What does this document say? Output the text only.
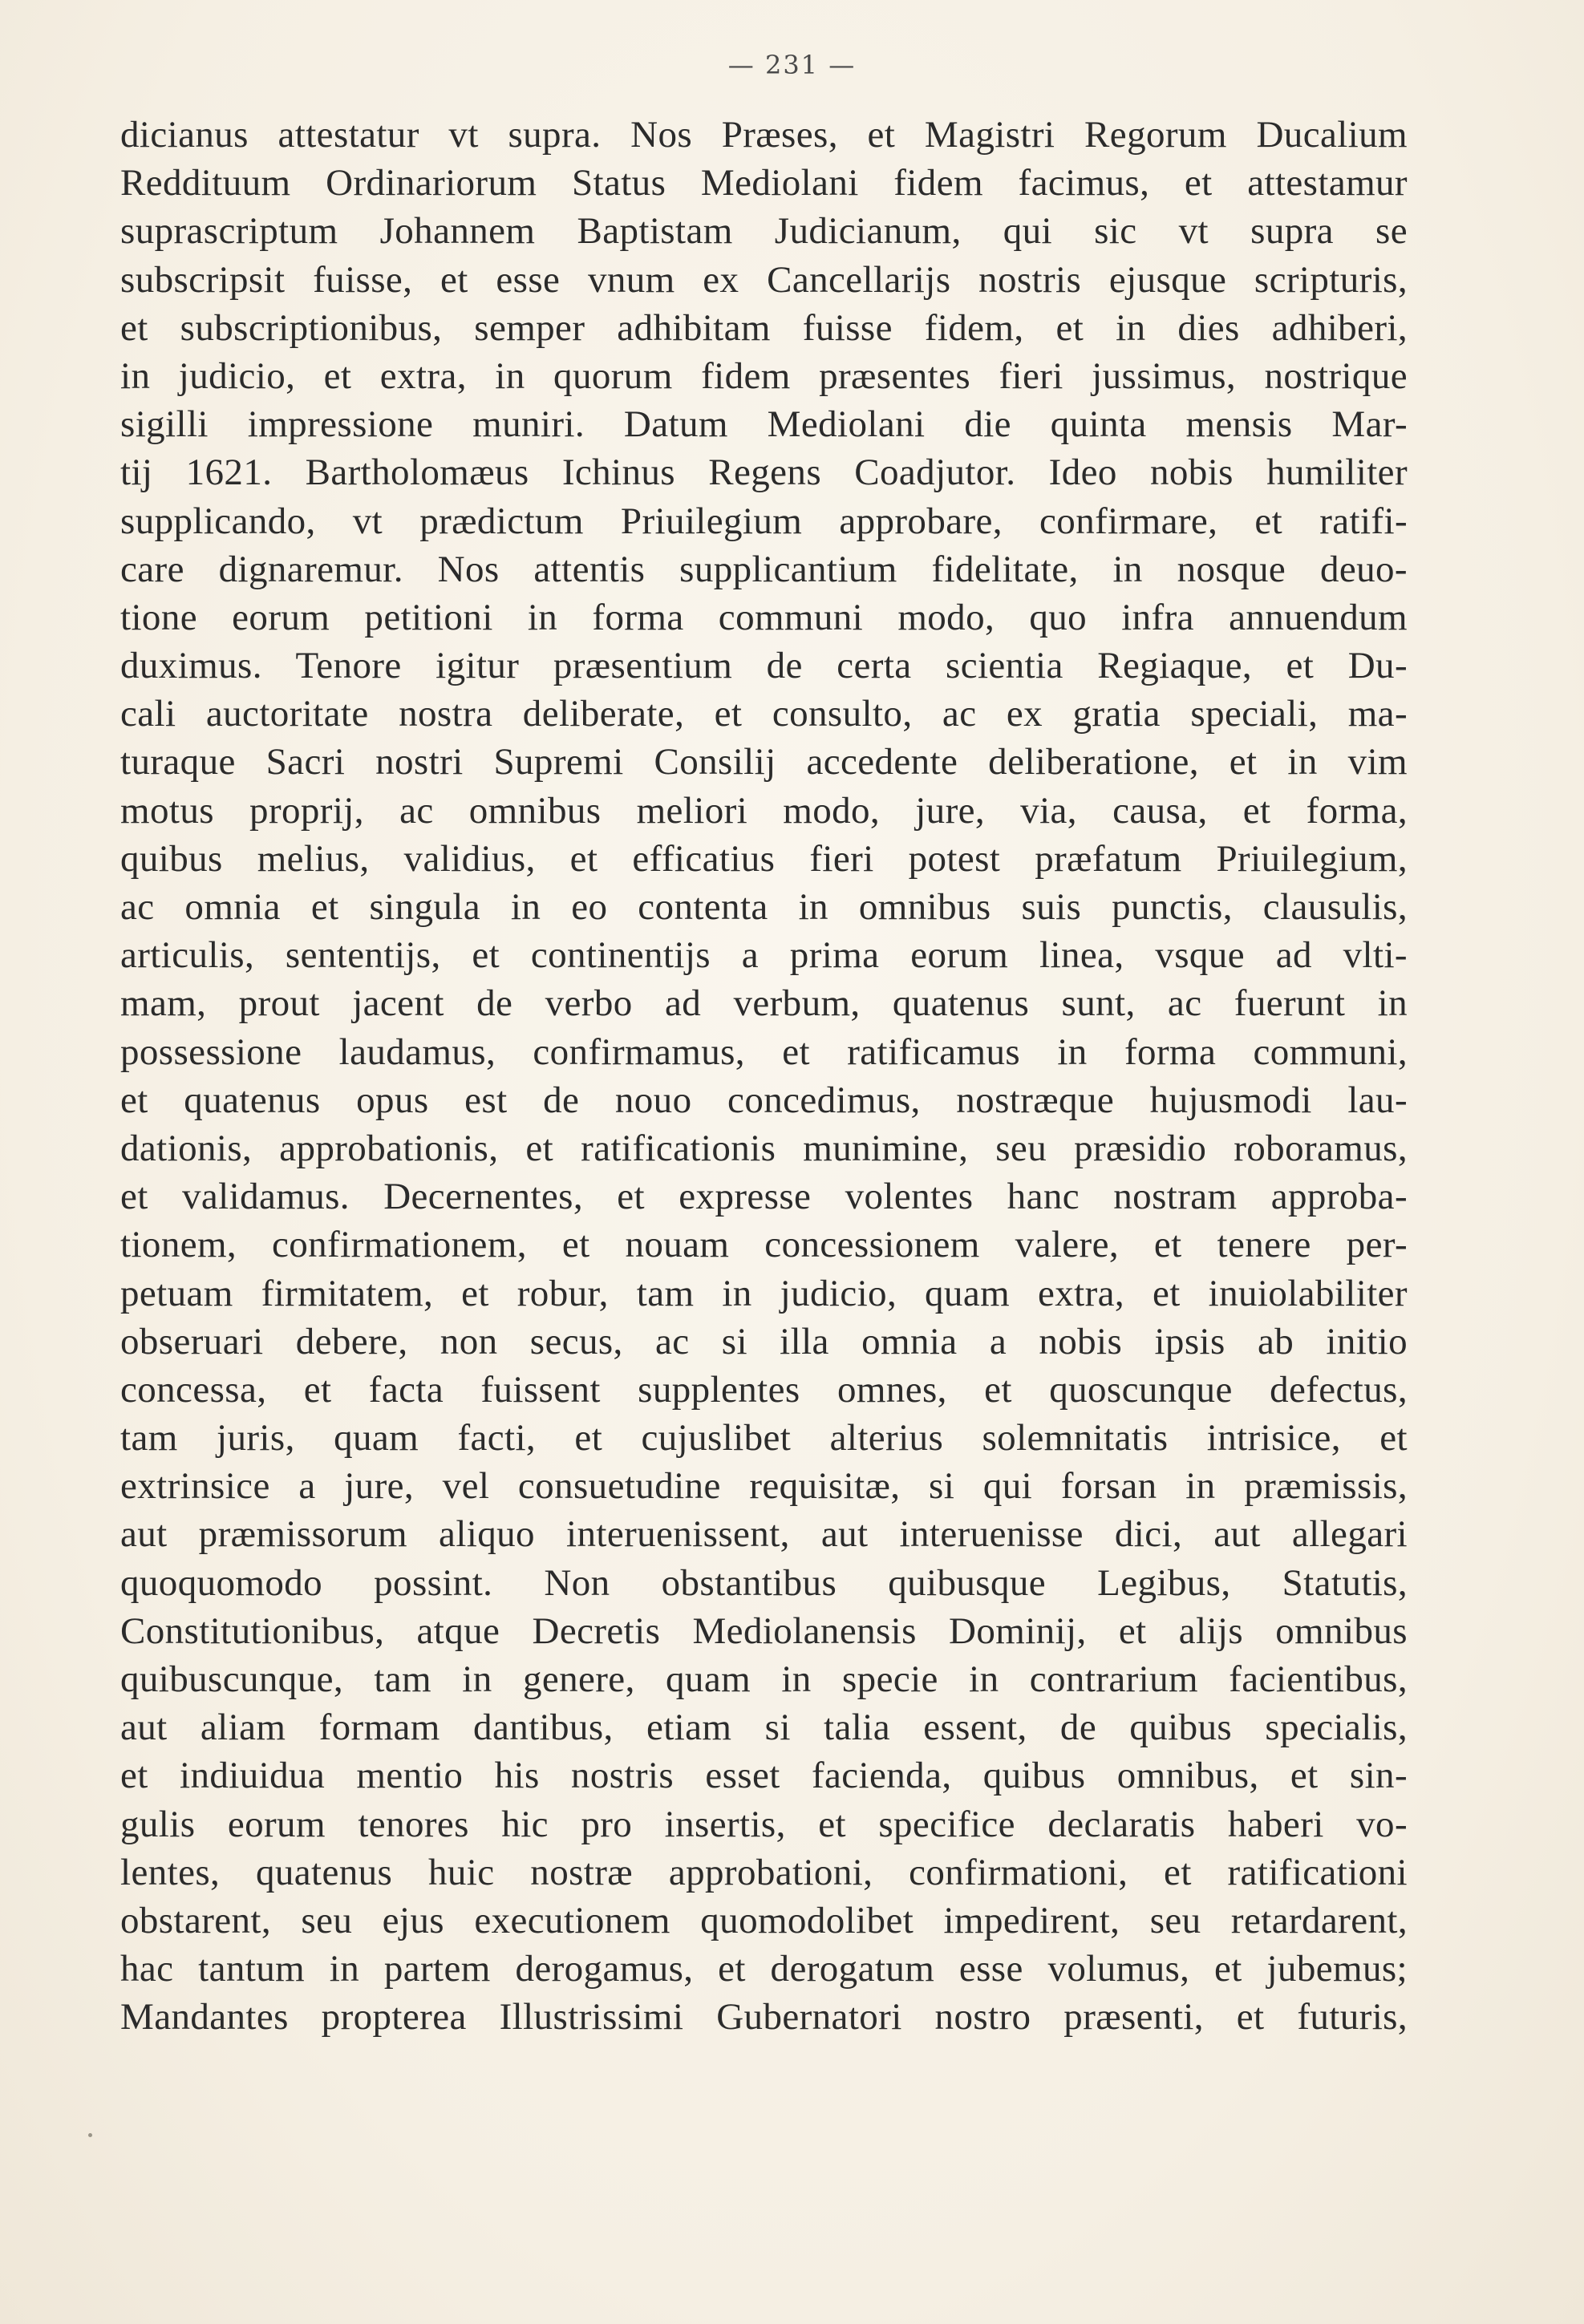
— 231 —
dicianus attestatur vt supra. Nos Præses, et Magistri Regorum Ducalium
Reddituum Ordinariorum Status Mediolani fidem facimus, et attestamur
suprascriptum Johannem Baptistam Judicianum, qui sic vt supra se
subscripsit fuisse, et esse vnum ex Cancellarijs nostris ejusque scripturis,
et subscriptionibus, semper adhibitam fuisse fidem, et in dies adhiberi,
in judicio, et extra, in quorum fidem præsentes fieri jussimus, nostrique
sigilli impressione muniri. Datum Mediolani die quinta mensis Mar-
tij 1621. Bartholomæus Ichinus Regens Coadjutor. Ideo nobis humiliter
supplicando, vt prædictum Priuilegium approbare, confirmare, et ratifi-
care dignaremur. Nos attentis supplicantium fidelitate, in nosque deuo-
tione eorum petitioni in forma communi modo, quo infra annuendum
duximus. Tenore igitur præsentium de certa scientia Regiaque, et Du-
cali auctoritate nostra deliberate, et consulto, ac ex gratia speciali, ma-
turaque Sacri nostri Supremi Consilij accedente deliberatione, et in vim
motus proprij, ac omnibus meliori modo, jure, via, causa, et forma,
quibus melius, validius, et efficatius fieri potest præfatum Priuilegium,
ac omnia et singula in eo contenta in omnibus suis punctis, clausulis,
articulis, sententijs, et continentijs a prima eorum linea, vsque ad vlti-
mam, prout jacent de verbo ad verbum, quatenus sunt, ac fuerunt in
possessione laudamus, confirmamus, et ratificamus in forma communi,
et quatenus opus est de nouo concedimus, nostræque hujusmodi lau-
dationis, approbationis, et ratificationis munimine, seu præsidio roboramus,
et validamus. Decernentes, et expresse volentes hanc nostram approba-
tionem, confirmationem, et nouam concessionem valere, et tenere per-
petuam firmitatem, et robur, tam in judicio, quam extra, et inuiolabiliter
obseruari debere, non secus, ac si illa omnia a nobis ipsis ab initio
concessa, et facta fuissent supplentes omnes, et quoscunque defectus,
tam juris, quam facti, et cujuslibet alterius solemnitatis intrisice, et
extrinsice a jure, vel consuetudine requisitæ, si qui forsan in præmissis,
aut præmissorum aliquo interuenissent, aut interuenisse dici, aut allegari
quoquomodo possint. Non obstantibus quibusque Legibus, Statutis,
Constitutionibus, atque Decretis Mediolanensis Dominij, et alijs omnibus
quibuscunque, tam in genere, quam in specie in contrarium facientibus,
aut aliam formam dantibus, etiam si talia essent, de quibus specialis,
et indiuidua mentio his nostris esset facienda, quibus omnibus, et sin-
gulis eorum tenores hic pro insertis, et specifice declaratis haberi vo-
lentes, quatenus huic nostræ approbationi, confirmationi, et ratificationi
obstarent, seu ejus executionem quomodolibet impedirent, seu retardarent,
hac tantum in partem derogamus, et derogatum esse volumus, et jubemus;
Mandantes propterea Illustrissimi Gubernatori nostro præsenti, et futuris,
